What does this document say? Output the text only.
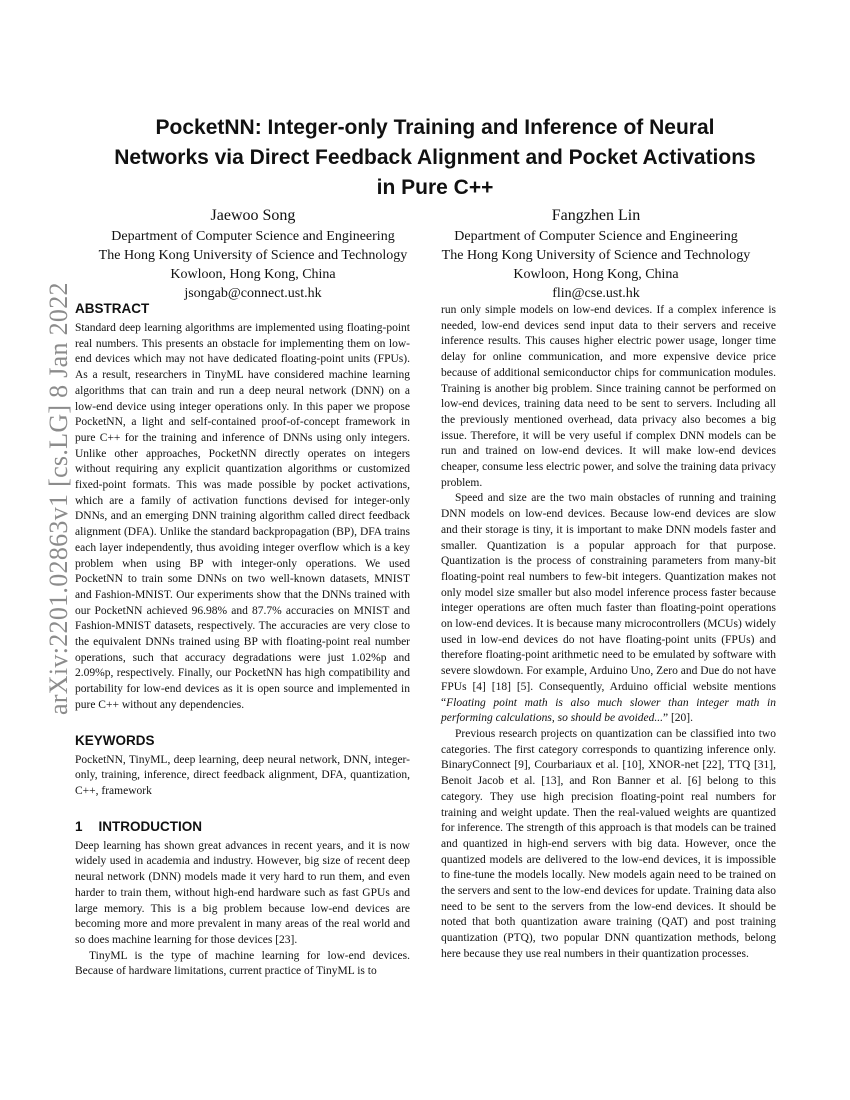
arXiv:2201.02863v1 [cs.LG] 8 Jan 2022
PocketNN: Integer-only Training and Inference of Neural Networks via Direct Feedback Alignment and Pocket Activations in Pure C++
Jaewoo Song
Department of Computer Science and Engineering
The Hong Kong University of Science and Technology
Kowloon, Hong Kong, China
jsongab@connect.ust.hk
Fangzhen Lin
Department of Computer Science and Engineering
The Hong Kong University of Science and Technology
Kowloon, Hong Kong, China
flin@cse.ust.hk
ABSTRACT

Standard deep learning algorithms are implemented using floating-point real numbers. This presents an obstacle for implementing them on low-end devices which may not have dedicated floating-point units (FPUs). As a result, researchers in TinyML have considered machine learning algorithms that can train and run a deep neural network (DNN) on a low-end device using integer operations only. In this paper we propose PocketNN, a light and self-contained proof-of-concept framework in pure C++ for the training and inference of DNNs using only integers. Unlike other approaches, PocketNN directly operates on integers without requiring any explicit quantization algorithms or customized fixed-point formats. This was made possible by pocket activations, which are a family of activation functions devised for integer-only DNNs, and an emerging DNN training algorithm called direct feedback alignment (DFA). Unlike the standard backpropagation (BP), DFA trains each layer independently, thus avoiding integer overflow which is a key problem when using BP with integer-only operations. We used PocketNN to train some DNNs on two well-known datasets, MNIST and Fashion-MNIST. Our experiments show that the DNNs trained with our PocketNN achieved 96.98% and 87.7% accuracies on MNIST and Fashion-MNIST datasets, respectively. The accuracies are very close to the equivalent DNNs trained using BP with floating-point real number operations, such that accuracy degradations were just 1.02%p and 2.09%p, respectively. Finally, our PocketNN has high compatibility and portability for low-end devices as it is open source and implemented in pure C++ without any dependencies.

KEYWORDS

PocketNN, TinyML, deep learning, deep neural network, DNN, integer-only, training, inference, direct feedback alignment, DFA, quantization, C++, framework

1 INTRODUCTION

Deep learning has shown great advances in recent years, and it is now widely used in academia and industry. However, big size of recent deep neural network (DNN) models made it very hard to run them, and even harder to train them, without high-end hardware such as fast GPUs and large memory. This is a big problem because low-end devices are becoming more and more prevalent in many areas of the real world and so does machine learning for those devices [23].

TinyML is the type of machine learning for low-end devices. Because of hardware limitations, current practice of TinyML is to

run only simple models on low-end devices. If a complex inference is needed, low-end devices send input data to their servers and receive inference results. This causes higher electric power usage, longer time delay for online communication, and more expensive device price because of additional semiconductor chips for communication modules. Training is another big problem. Since training cannot be performed on low-end devices, training data need to be sent to servers. Including all the previously mentioned overhead, data privacy also becomes a big issue. Therefore, it will be very useful if complex DNN models can be run and trained on low-end devices. It will make low-end devices cheaper, consume less electric power, and solve the training data privacy problem.

Speed and size are the two main obstacles of running and training DNN models on low-end devices. Because low-end devices are slow and their storage is tiny, it is important to make DNN models faster and smaller. Quantization is a popular approach for that purpose. Quantization is the process of constraining parameters from many-bit floating-point real numbers to few-bit integers. Quantization makes not only model size smaller but also model inference process faster because integer operations are often much faster than floating-point operations on low-end devices. It is because many microcontrollers (MCUs) widely used in low-end devices do not have floating-point units (FPUs) and therefore floating-point arithmetic need to be emulated by software with severe slowdown. For example, Arduino Uno, Zero and Due do not have FPUs [4] [18] [5]. Consequently, Arduino official website mentions “Floating point math is also much slower than integer math in performing calculations, so should be avoided...” [20].

Previous research projects on quantization can be classified into two categories. The first category corresponds to quantizing inference only. BinaryConnect [9], Courbariaux et al. [10], XNOR-net [22], TTQ [31], Benoit Jacob et al. [13], and Ron Banner et al. [6] belong to this category. They use high precision floating-point real numbers for training and weight update. Then the real-valued weights are quantized for inference. The strength of this approach is that models can be trained and quantized in high-end servers with big data. However, once the quantized models are delivered to the low-end devices, it is impossible to fine-tune the models locally. New models again need to be trained on the servers and sent to the low-end devices for update. Training data also need to be sent to the servers from the low-end devices. It should be noted that both quantization aware training (QAT) and post training quantization (PTQ), two popular DNN quantization methods, belong here because they use real numbers in their quantization processes.
